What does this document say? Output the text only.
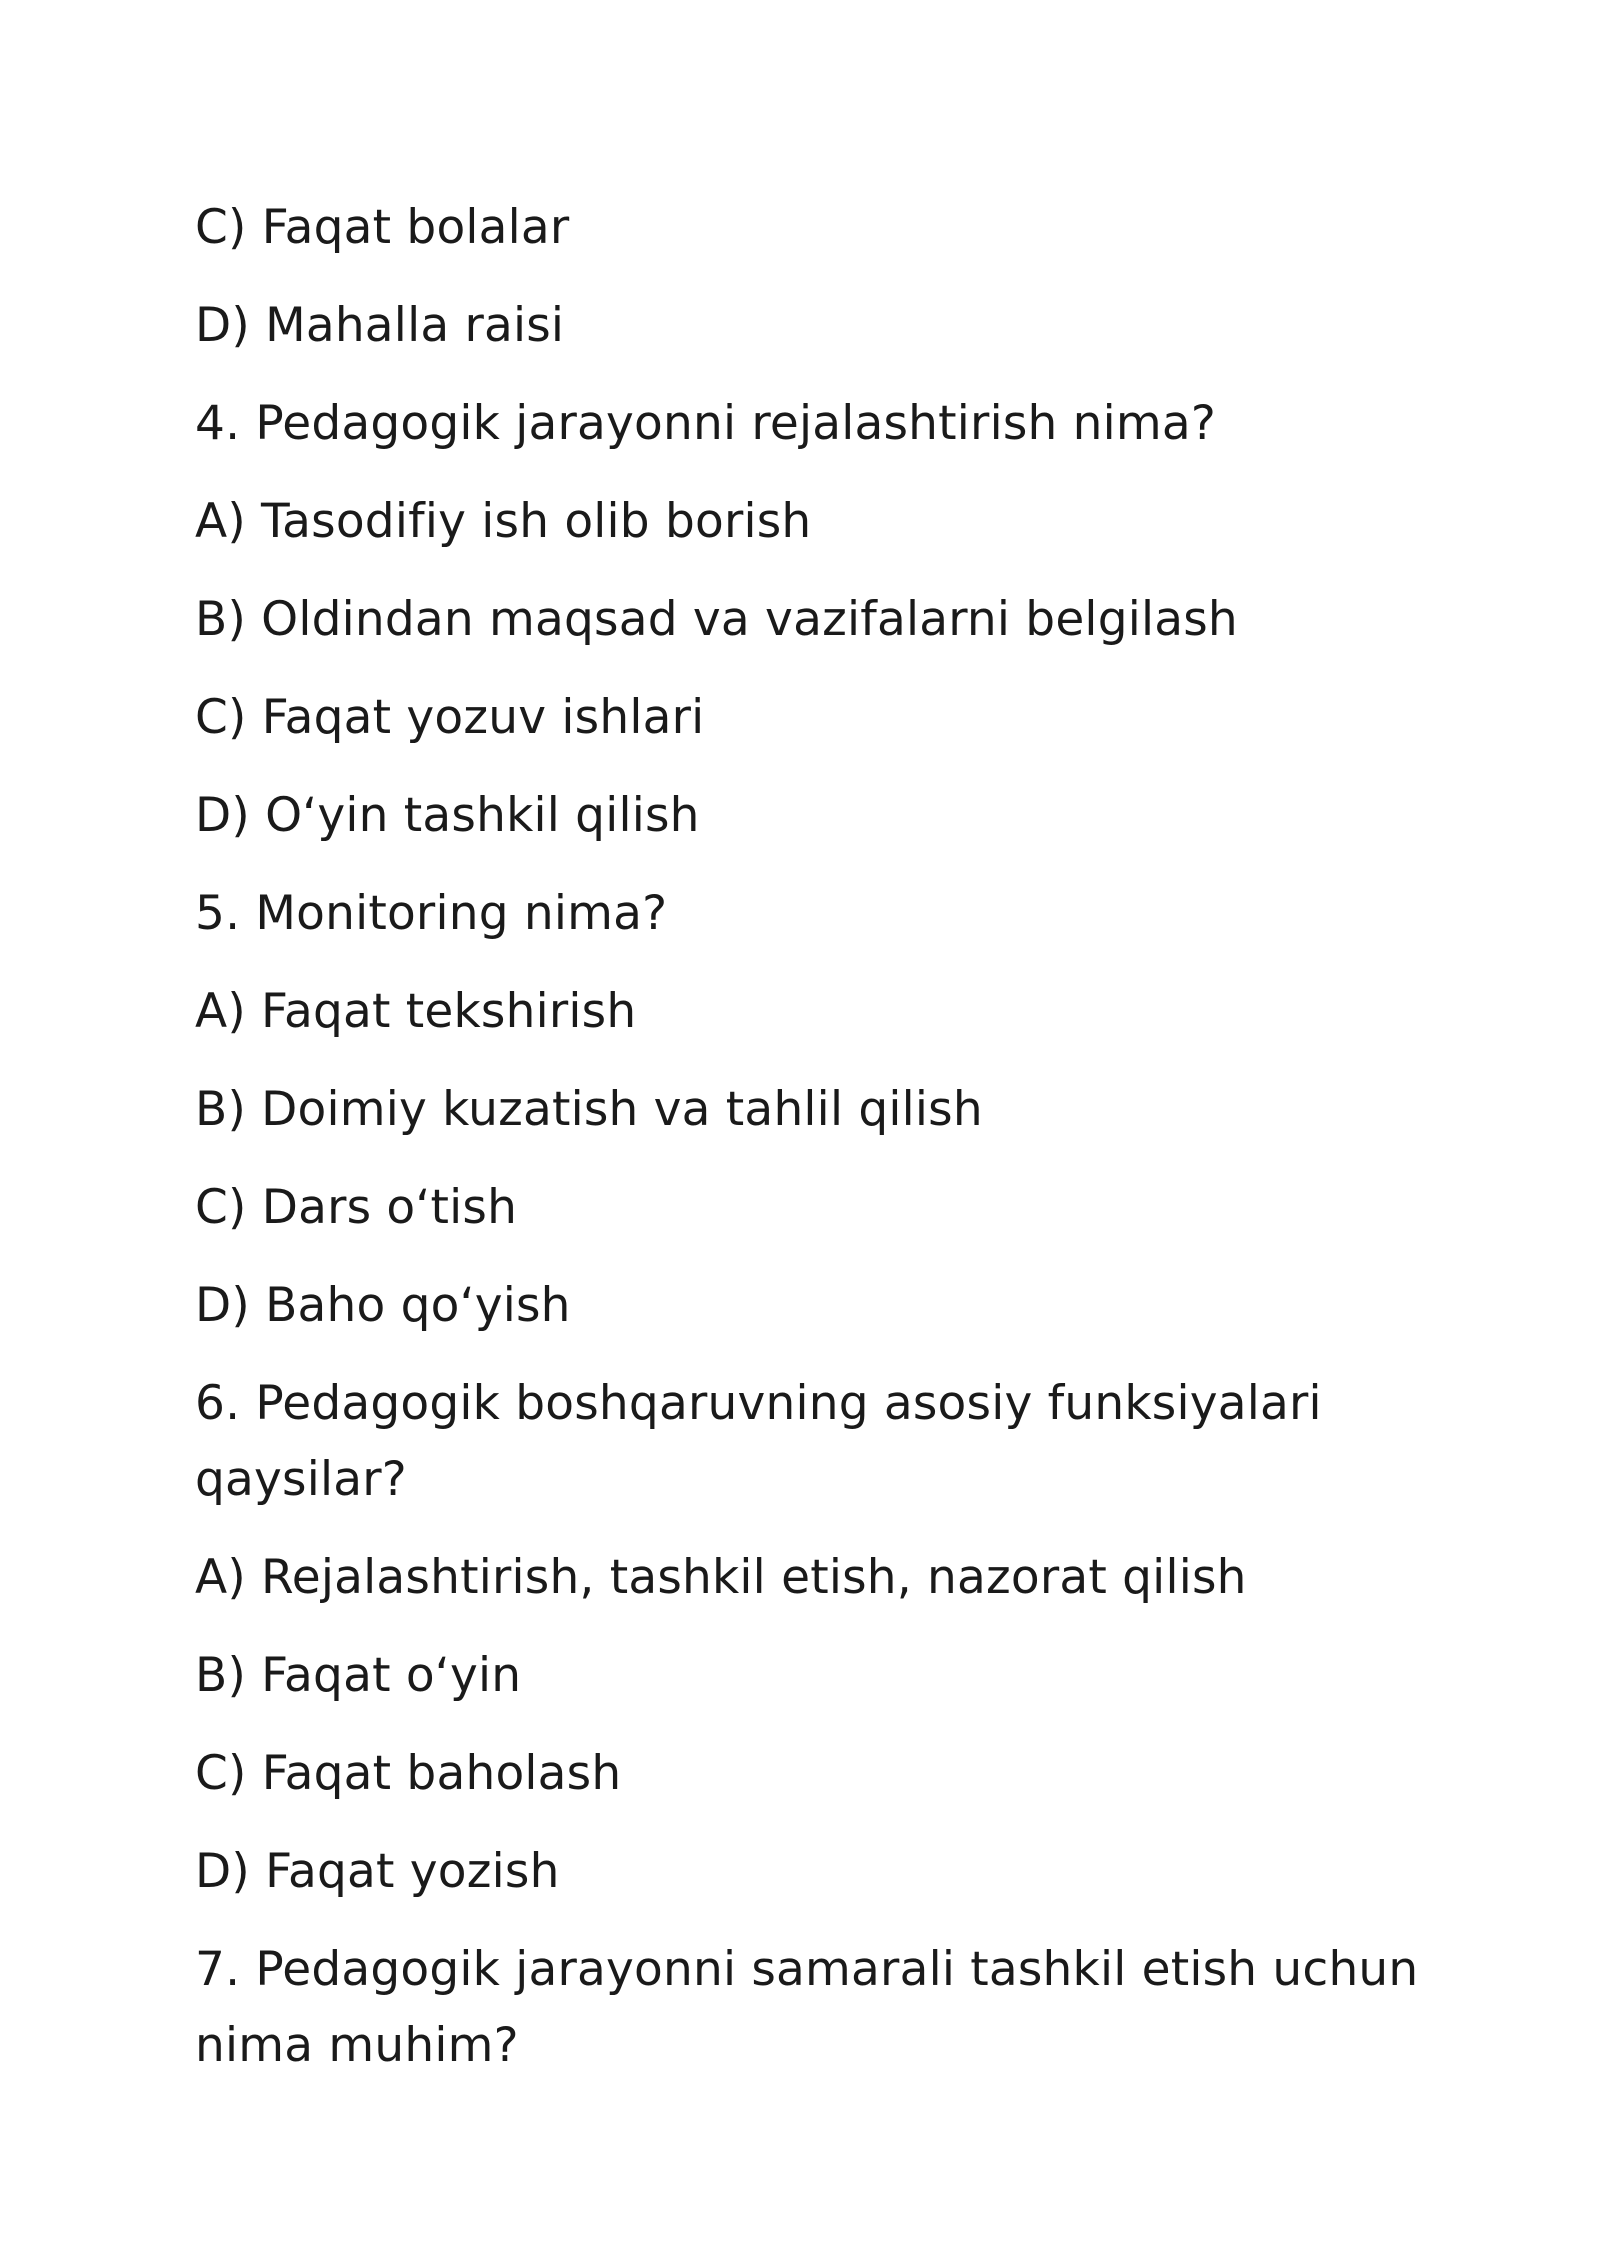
C) Faqat bolalar
D) Mahalla raisi
4. Pedagogik jarayonni rejalashtirish nima?
A) Tasodifiy ish olib borish
B) Oldindan maqsad va vazifalarni belgilash
C) Faqat yozuv ishlari
D) O‘yin tashkil qilish
5. Monitoring nima?
A) Faqat tekshirish
B) Doimiy kuzatish va tahlil qilish
C) Dars o‘tish
D) Baho qo‘yish
6. Pedagogik boshqaruvning asosiy funksiyalari qaysilar?
A) Rejalashtirish, tashkil etish, nazorat qilish
B) Faqat o‘yin
C) Faqat baholash
D) Faqat yozish
7. Pedagogik jarayonni samarali tashkil etish uchun nima muhim?
